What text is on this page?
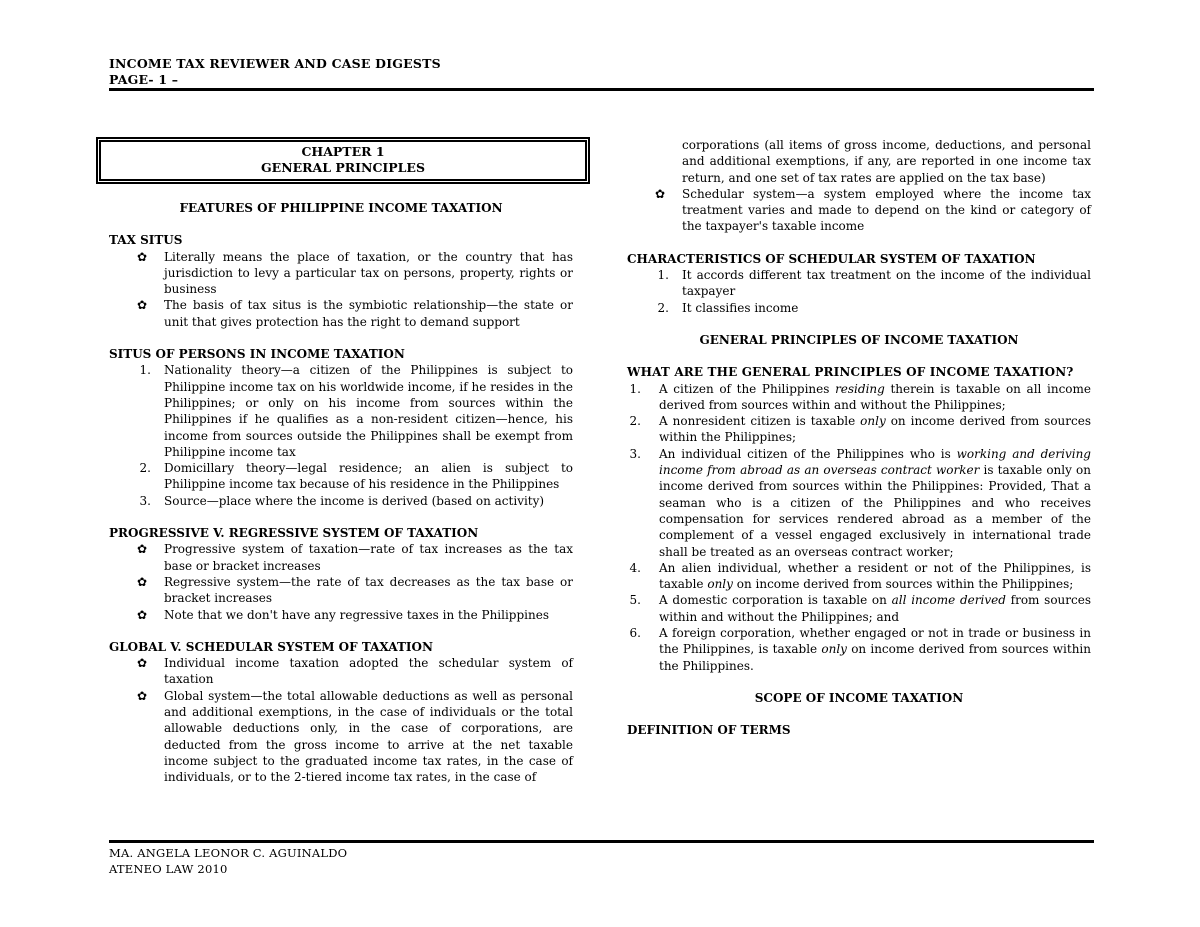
INCOME TAX REVIEWER AND CASE DIGESTS
PAGE- 1 –
CHAPTER 1
GENERAL PRINCIPLES
FEATURES OF PHILIPPINE INCOME TAXATION
TAX SITUS
✿ Literally means the place of taxation, or the country that has jurisdiction to levy a particular tax on persons, property, rights or business
✿ The basis of tax situs is the symbiotic relationship—the state or unit that gives protection has the right to demand support
SITUS OF PERSONS IN INCOME TAXATION
1. Nationality theory—a citizen of the Philippines is subject to Philippine income tax on his worldwide income, if he resides in the Philippines; or only on his income from sources within the Philippines if he qualifies as a non-resident citizen—hence, his income from sources outside the Philippines shall be exempt from Philippine income tax
2. Domicillary theory—legal residence; an alien is subject to Philippine income tax because of his residence in the Philippines
3. Source—place where the income is derived (based on activity)
PROGRESSIVE V. REGRESSIVE SYSTEM OF TAXATION
✿ Progressive system of taxation—rate of tax increases as the tax base or bracket increases
✿ Regressive system—the rate of tax decreases as the tax base or bracket increases
✿ Note that we don't have any regressive taxes in the Philippines
GLOBAL V. SCHEDULAR SYSTEM OF TAXATION
✿ Individual income taxation adopted the schedular system of taxation
✿ Global system—the total allowable deductions as well as personal and additional exemptions, in the case of individuals or the total allowable deductions only, in the case of corporations, are deducted from the gross income to arrive at the net taxable income subject to the graduated income tax rates, in the case of individuals, or to the 2-tiered income tax rates, in the case of
corporations (all items of gross income, deductions, and personal and additional exemptions, if any, are reported in one income tax return, and one set of tax rates are applied on the tax base)
✿ Schedular system—a system employed where the income tax treatment varies and made to depend on the kind or category of the taxpayer's taxable income
CHARACTERISTICS OF SCHEDULAR SYSTEM OF TAXATION
1. It accords different tax treatment on the income of the individual taxpayer
2. It classifies income
GENERAL PRINCIPLES OF INCOME TAXATION
WHAT ARE THE GENERAL PRINCIPLES OF INCOME TAXATION?
1. A citizen of the Philippines residing therein is taxable on all income derived from sources within and without the Philippines;
2. A nonresident citizen is taxable only on income derived from sources within the Philippines;
3. An individual citizen of the Philippines who is working and deriving income from abroad as an overseas contract worker is taxable only on income derived from sources within the Philippines: Provided, That a seaman who is a citizen of the Philippines and who receives compensation for services rendered abroad as a member of the complement of a vessel engaged exclusively in international trade shall be treated as an overseas contract worker;
4. An alien individual, whether a resident or not of the Philippines, is taxable only on income derived from sources within the Philippines;
5. A domestic corporation is taxable on all income derived from sources within and without the Philippines; and
6. A foreign corporation, whether engaged or not in trade or business in the Philippines, is taxable only on income derived from sources within the Philippines.
SCOPE OF INCOME TAXATION
DEFINITION OF TERMS
MA. ANGELA LEONOR C. AGUINALDO
ATENEO LAW 2010
